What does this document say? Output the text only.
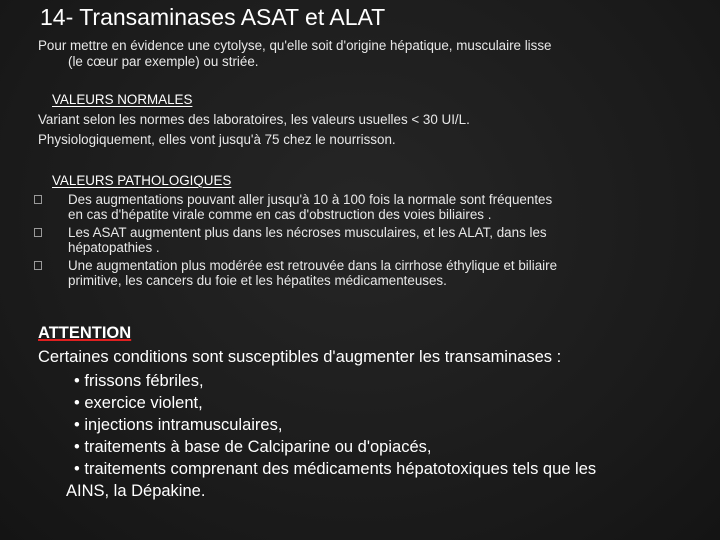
14- Transaminases ASAT et ALAT
Pour mettre en évidence une cytolyse, qu'elle soit d'origine hépatique, musculaire lisse

(le cœur par exemple) ou striée.
VALEURS NORMALES
Variant selon les normes des laboratoires, les valeurs usuelles < 30 UI/L.
Physiologiquement, elles vont jusqu'à 75 chez le nourrisson.
VALEURS PATHOLOGIQUES
Des augmentations pouvant aller jusqu'à 10 à 100 fois la normale sont fréquentes
en cas d'hépatite virale comme en cas d'obstruction des voies biliaires .
Les ASAT augmentent plus dans les nécroses musculaires, et les ALAT, dans les
hépatopathies .
Une augmentation plus modérée est retrouvée dans la cirrhose éthylique et biliaire
primitive, les cancers du foie et les hépatites médicamenteuses.
ATTENTION
Certaines conditions sont susceptibles d'augmenter les transaminases :
• frissons fébriles,
• exercice violent,
• injections intramusculaires,
• traitements à base de Calciparine ou d'opiacés,
• traitements comprenant des médicaments hépatotoxiques tels que les
AINS, la Dépakine.
